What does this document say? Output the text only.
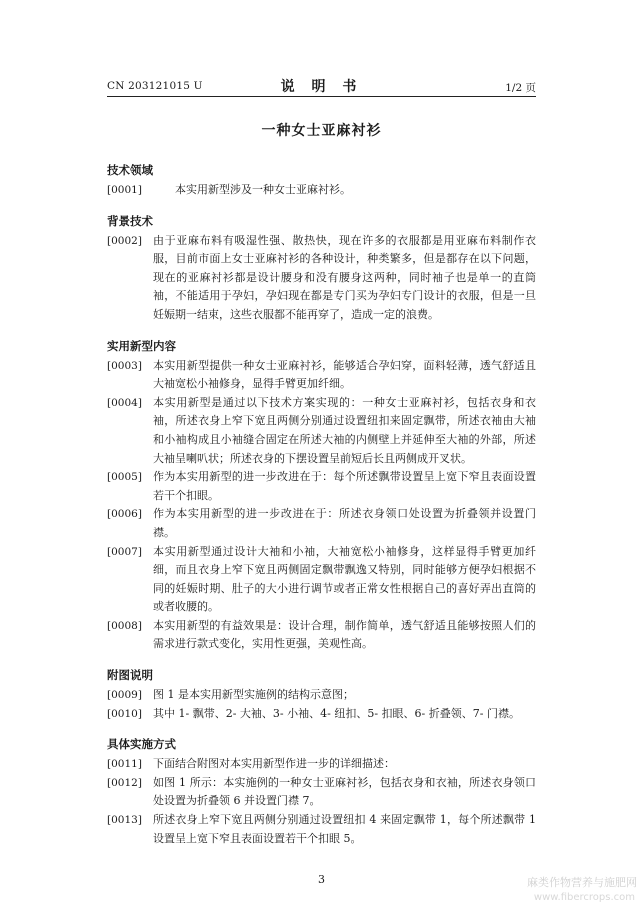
CN 203121015 U	说 明 书	1/2 页
一种女士亚麻衬衫
技术领域
[0001]	　　本实用新型涉及一种女士亚麻衬衫。
背景技术
[0002]	由于亚麻布料有吸湿性强、散热快，现在许多的衣服都是用亚麻布料制作衣服，目前市面上女士亚麻衬衫的各种设计，种类繁多，但是都存在以下问题，现在的亚麻衬衫都是设计腰身和没有腰身这两种，同时袖子也是单一的直筒袖，不能适用于孕妇，孕妇现在都是专门买为孕妇专门设计的衣服，但是一旦妊娠期一结束，这些衣服都不能再穿了，造成一定的浪费。
实用新型内容
[0003]	本实用新型提供一种女士亚麻衬衫，能够适合孕妇穿，面料轻薄，透气舒适且大袖宽松小袖修身，显得手臂更加纤细。
[0004]	本实用新型是通过以下技术方案实现的：一种女士亚麻衬衫，包括衣身和衣袖，所述衣身上窄下宽且两侧分别通过设置纽扣来固定飘带，所述衣袖由大袖和小袖构成且小袖缝合固定在所述大袖的内侧壁上并延伸至大袖的外部，所述大袖呈喇叭状；所述衣身的下摆设置呈前短后长且两侧成开叉状。
[0005]	作为本实用新型的进一步改进在于：每个所述飘带设置呈上宽下窄且表面设置若干个扣眼。
[0006]	作为本实用新型的进一步改进在于：所述衣身领口处设置为折叠领并设置门襟。
[0007]	本实用新型通过设计大袖和小袖，大袖宽松小袖修身，这样显得手臂更加纤细，而且衣身上窄下宽且两侧固定飘带飘逸又特别，同时能够方便孕妇根据不同的妊娠时期、肚子的大小进行调节或者正常女性根据自己的喜好弄出直筒的或者收腰的。
[0008]	本实用新型的有益效果是：设计合理，制作简单，透气舒适且能够按照人们的需求进行款式变化，实用性更强，美观性高。
附图说明
[0009]	图 1 是本实用新型实施例的结构示意图；
[0010]	其中 1- 飘带、2- 大袖、3- 小袖、4- 纽扣、5- 扣眼、6- 折叠领、7- 门襟。
具体实施方式
[0011]	下面结合附图对本实用新型作进一步的详细描述：
[0012]	如图 1 所示：本实施例的一种女士亚麻衬衫，包括衣身和衣袖，所述衣身领口处设置为折叠领 6 并设置门襟 7。
[0013]	所述衣身上窄下宽且两侧分别通过设置纽扣 4 来固定飘带 1，每个所述飘带 1 设置呈上宽下窄且表面设置若干个扣眼 5。
3	麻类作物营养与施肥网
www.fibercrops.com
